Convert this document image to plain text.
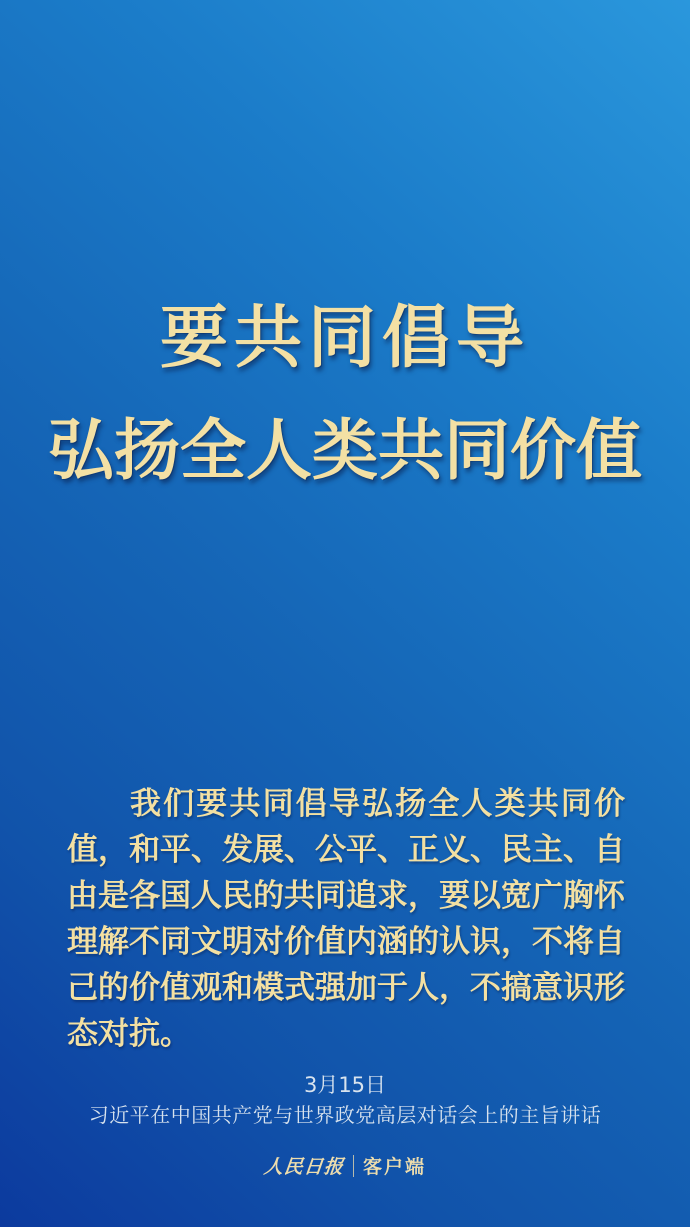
要共同倡导
弘扬全人类共同价值
我们要共同倡导弘扬全人类共同价
值，和平、发展、公平、正义、民主、自
由是各国人民的共同追求，要以宽广胸怀
理解不同文明对价值内涵的认识，不将自
己的价值观和模式强加于人，不搞意识形
态对抗。
3月15日
习近平在中国共产党与世界政党高层对话会上的主旨讲话
人民日报 客户端
